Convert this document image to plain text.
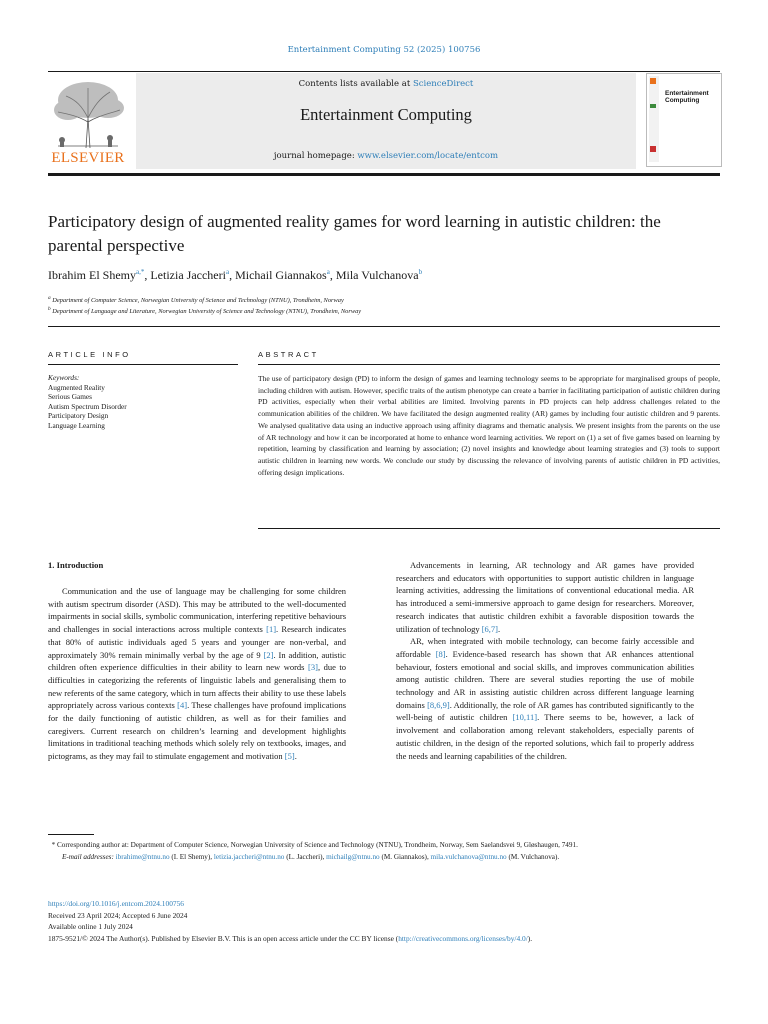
Entertainment Computing 52 (2025) 100756
ELSEVIER
Contents lists available at ScienceDirect
Entertainment Computing
journal homepage: www.elsevier.com/locate/entcom
Entertainment
Computing
Participatory design of augmented reality games for word learning in autistic children: the parental perspective
Ibrahim El Shemy$^{a,*}$, Letizia Jaccheri$^a$, Michail Giannakos$^a$, Mila Vulchanova$^b$
$^a$ Department of Computer Science, Norwegian University of Science and Technology (NTNU), Trondheim, Norway
$^b$ Department of Language and Literature, Norwegian University of Science and Technology (NTNU), Trondheim, Norway
ARTICLE INFO	ABSTRACT
Keywords:
Augmented Reality
Serious Games
Autism Spectrum Disorder
Participatory Design
Language Learning
The use of participatory design (PD) to inform the design of games and learning technology seems to be appropriate for marginalised groups of people, including children with autism. However, specific traits of the autism phenotype can create a barrier in facilitating participation of autistic children during PD activities, especially when their verbal abilities are limited. Involving parents in PD projects can help address challenges related to the communication abilities of the children. We have facilitated the design augmented reality (AR) games by including four autistic children and 9 parents. We analysed qualitative data using an inductive approach using affinity diagrams and thematic analysis. We present insights from the parents on the use of AR technology and how it can be incorporated at home to enhance word learning activities. We report on (1) a set of five games based on learning by repetition, learning by classification and learning by association; (2) novel insights and knowledge about learning strategies and (3) tools to support autistic children in learning new words. We conclude our study by discussing the relevance of involving parents of autistic children in PD activities, offering design implications.
1. Introduction

Communication and the use of language may be challenging for some children with autism spectrum disorder (ASD). This may be attributed to the well-documented impairments in social skills, symbolic communication, interfering repetitive behaviours and challenges in social interactions across multiple contexts [1]. Research indicates that 80% of autistic individuals aged 5 years and younger are non-verbal, and approximately 30% remain minimally verbal by the age of 9 [2]. In addition, autistic children often experience difficulties in their ability to learn new words [3], due to difficulties in categorizing the referents of linguistic labels and generalising them to new referents of the same category, which in turn affects their ability to use these labels appropriately across various contexts [4]. These challenges have profound implications for the daily functioning of autistic children, as well as for their families and caregivers. Current research on children’s learning and development highlights limitations in traditional teaching methods which solely rely on textbooks, images, and pictograms, as they may fail to stimulate engagement and motivation [5].

Advancements in learning, AR technology and AR games have provided researchers and educators with opportunities to support autistic children in language learning activities, addressing the limitations of conventional educational media. AR has introduced a semi-immersive approach to game design for researchers. Moreover, research indicates that autistic children exhibit a favorable disposition towards the utilization of technology [6,7].

AR, when integrated with mobile technology, can become fairly accessible and affordable [8]. Evidence-based research has shown that AR enhances attentional behaviour, fosters emotional and social skills, and improves communication abilities among autistic children. There are several studies reporting the use of mobile technology and AR in assisting autistic children across different language learning domains [8,6,9]. Additionally, the role of AR games has contributed significantly to the well-being of autistic children [10,11]. There seems to be, however, a lack of involvement and collaboration among relevant stakeholders, especially parents of autistic children, in the design of the reported solutions, which fail to properly address the needs and learning capabilities of the children.

* Corresponding author at: Department of Computer Science, Norwegian University of Science and Technology (NTNU), Trondheim, Norway, Sem Saelandsvei 9, Gløshaugen, 7491.

E-mail addresses: ibrahime@ntnu.no (I. El Shemy), letizia.jaccheri@ntnu.no (L. Jaccheri), michailg@ntnu.no (M. Giannakos), mila.vulchanova@ntnu.no (M. Vulchanova).

https://doi.org/10.1016/j.entcom.2024.100756
Received 23 April 2024; Accepted 6 June 2024
Available online 1 July 2024
1875-9521/© 2024 The Author(s). Published by Elsevier B.V. This is an open access article under the CC BY license (http://creativecommons.org/licenses/by/4.0/).
